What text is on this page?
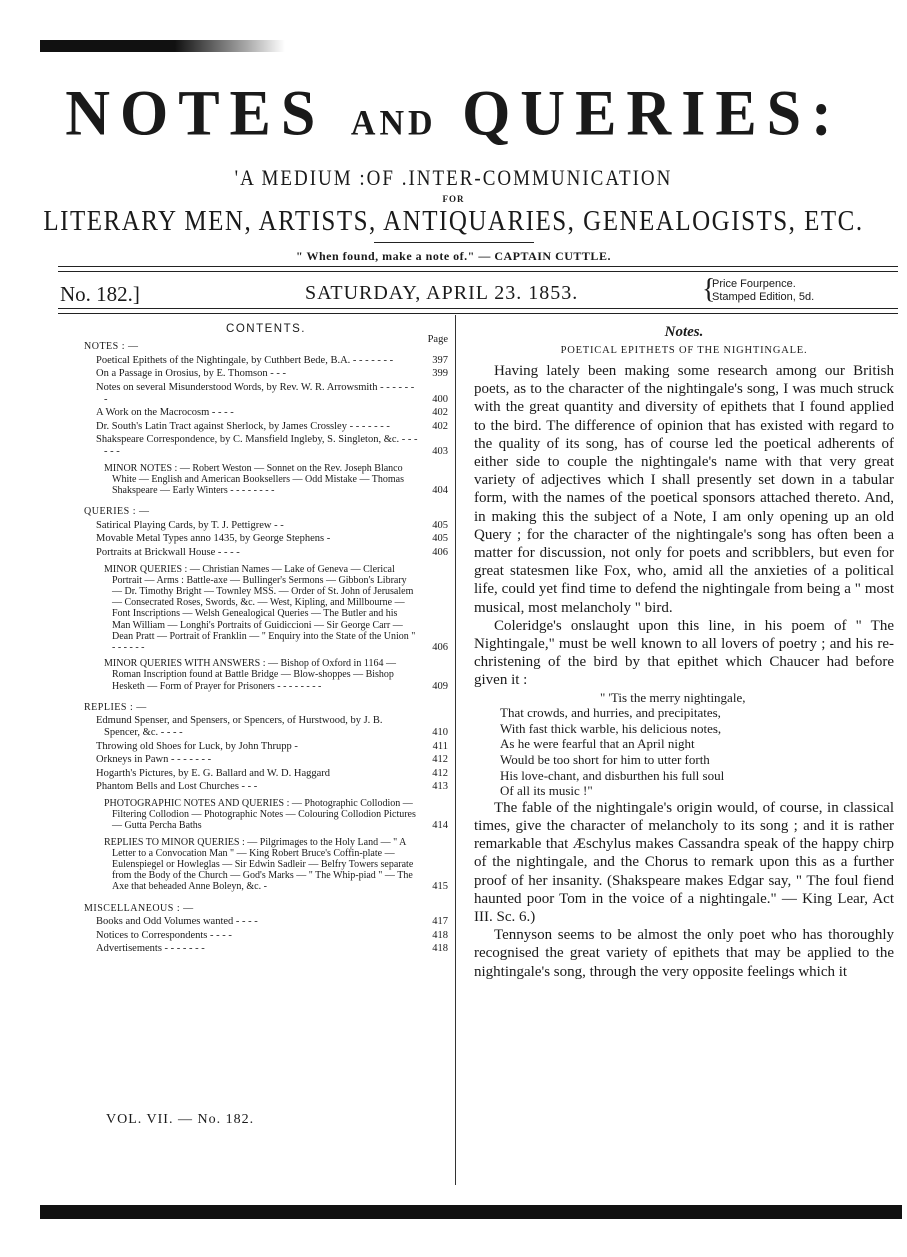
NOTES AND QUERIES:
'A MEDIUM :OF .INTER-COMMUNICATION
FOR
LITERARY MEN, ARTISTS, ANTIQUARIES, GENEALOGISTS, ETC.
" When found, make a note of." — CAPTAIN CUTTLE.
No. 182.]	SATURDAY, APRIL 23. 1853.	{
Price Fourpence.
Stamped Edition, 5d.
CONTENTS.
Page
NOTES : —
Poetical Epithets of the Nightingale, by Cuthbert Bede, B.A. - - - - - - -	397
On a Passage in Orosius, by E. Thomson - - -	399
Notes on several Misunderstood Words, by Rev. W. R. Arrowsmith - - - - - - -	400
A Work on the Macrocosm - - - -	402
Dr. South's Latin Tract against Sherlock, by James Crossley - - - - - - -	402
Shakspeare Correspondence, by C. Mansfield Ingleby, S. Singleton, &c. - - - - - -	403
MINOR NOTES : — Robert Weston — Sonnet on the Rev. Joseph Blanco White — English and American Booksellers — Odd Mistake — Thomas Shakspeare — Early Winters - - - - - - - -	404
QUERIES : —
Satirical Playing Cards, by T. J. Pettigrew - -	405
Movable Metal Types anno 1435, by George Stephens -	405
Portraits at Brickwall House - - - -	406
MINOR QUERIES : — Christian Names — Lake of Geneva — Clerical Portrait — Arms : Battle-axe — Bullinger's Sermons — Gibbon's Library — Dr. Timothy Bright — Townley MSS. — Order of St. John of Jerusalem — Consecrated Roses, Swords, &c. — West, Kipling, and Millbourne — Font Inscriptions — Welsh Genealogical Queries — The Butler and his Man William — Longhi's Portraits of Guidiccioni — Sir George Carr — Dean Pratt — Portrait of Franklin — " Enquiry into the State of the Union " - - - - - -	406
MINOR QUERIES WITH ANSWERS : — Bishop of Oxford in 1164 — Roman Inscription found at Battle Bridge — Blow-shoppes — Bishop Hesketh — Form of Prayer for Prisoners - - - - - - - -	409
REPLIES : —
Edmund Spenser, and Spensers, or Spencers, of Hurstwood, by J. B. Spencer, &c. - - - -	410
Throwing old Shoes for Luck, by John Thrupp -	411
Orkneys in Pawn - - - - - - -	412
Hogarth's Pictures, by E. G. Ballard and W. D. Haggard	412
Phantom Bells and Lost Churches - - -	413
PHOTOGRAPHIC NOTES AND QUERIES : — Photographic Collodion — Filtering Collodion — Photographic Notes — Colouring Collodion Pictures — Gutta Percha Baths	414
REPLIES TO MINOR QUERIES : — Pilgrimages to the Holy Land — " A Letter to a Convocation Man " — King Robert Bruce's Coffin-plate — Eulenspiegel or Howleglas — Sir Edwin Sadleir — Belfry Towers separate from the Body of the Church — God's Marks — " The Whip-piad " — The Axe that beheaded Anne Boleyn, &c. -	415
MISCELLANEOUS : —
Books and Odd Volumes wanted - - - -	417
Notices to Correspondents - - - -	418
Advertisements - - - - - - -	418
VOL. VII. — No. 182.
Notes.
POETICAL EPITHETS OF THE NIGHTINGALE.

Having lately been making some research among our British poets, as to the character of the nightingale's song, I was much struck with the great quantity and diversity of epithets that I found applied to the bird. The difference of opinion that has existed with regard to the quality of its song, has of course led the poetical adherents of either side to couple the nightingale's name with that very great variety of adjectives which I shall presently set down in a tabular form, with the names of the poetical sponsors attached thereto. And, in making this the subject of a Note, I am only opening up an old Query ; for the character of the nightingale's song has often been a matter for discussion, not only for poets and scribblers, but even for great statesmen like Fox, who, amid all the anxieties of a political life, could yet find time to defend the nightingale from being a " most musical, most melancholy " bird.

Coleridge's onslaught upon this line, in his poem of " The Nightingale," must be well known to all lovers of poetry ; and his re-christening of the bird by that epithet which Chaucer had before given it :

" 'Tis the merry nightingale,
That crowds, and hurries, and precipitates,
With fast thick warble, his delicious notes,
As he were fearful that an April night
Would be too short for him to utter forth
His love-chant, and disburthen his full soul
Of all its music !"

The fable of the nightingale's origin would, of course, in classical times, give the character of melancholy to its song ; and it is rather remarkable that Æschylus makes Cassandra speak of the happy chirp of the nightingale, and the Chorus to remark upon this as a further proof of her insanity. (Shakspeare makes Edgar say, " The foul fiend haunted poor Tom in the voice of a nightingale." — King Lear, Act III. Sc. 6.)

Tennyson seems to be almost the only poet who has thoroughly recognised the great variety of epithets that may be applied to the nightingale's song, through the very opposite feelings which it
